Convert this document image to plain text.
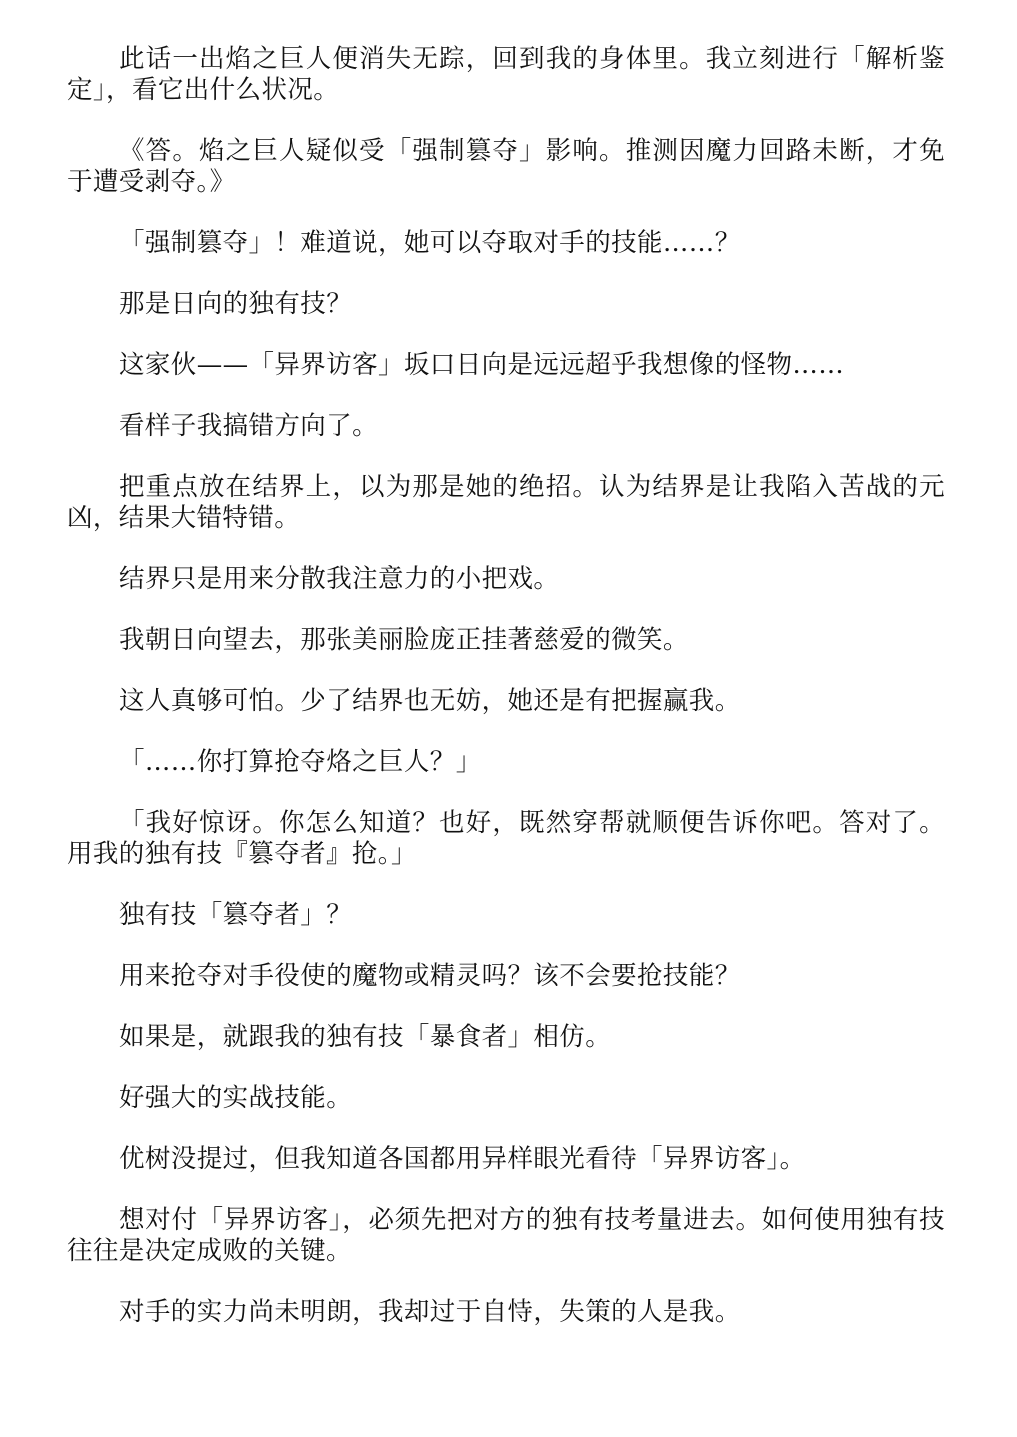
此话一出焰之巨人便消失无踪，回到我的身体里。我立刻进行「解析鉴定」，看它出什么状况。

《答。焰之巨人疑似受「强制篡夺」影响。推测因魔力回路未断，才免于遭受剥夺。》

「强制篡夺」！难道说，她可以夺取对手的技能……？

那是日向的独有技？

这家伙——「异界访客」坂口日向是远远超乎我想像的怪物……

看样子我搞错方向了。

把重点放在结界上，以为那是她的绝招。认为结界是让我陷入苦战的元凶，结果大错特错。

结界只是用来分散我注意力的小把戏。

我朝日向望去，那张美丽脸庞正挂著慈爱的微笑。

这人真够可怕。少了结界也无妨，她还是有把握赢我。

「……你打算抢夺烙之巨人？」

「我好惊讶。你怎么知道？也好，既然穿帮就顺便告诉你吧。答对了。用我的独有技『篡夺者』抢。」

独有技「篡夺者」？

用来抢夺对手役使的魔物或精灵吗？该不会要抢技能？

如果是，就跟我的独有技「暴食者」相仿。

好强大的实战技能。

优树没提过，但我知道各国都用异样眼光看待「异界访客」。

想对付「异界访客」，必须先把对方的独有技考量进去。如何使用独有技往往是决定成败的关键。

对手的实力尚未明朗，我却过于自恃，失策的人是我。
